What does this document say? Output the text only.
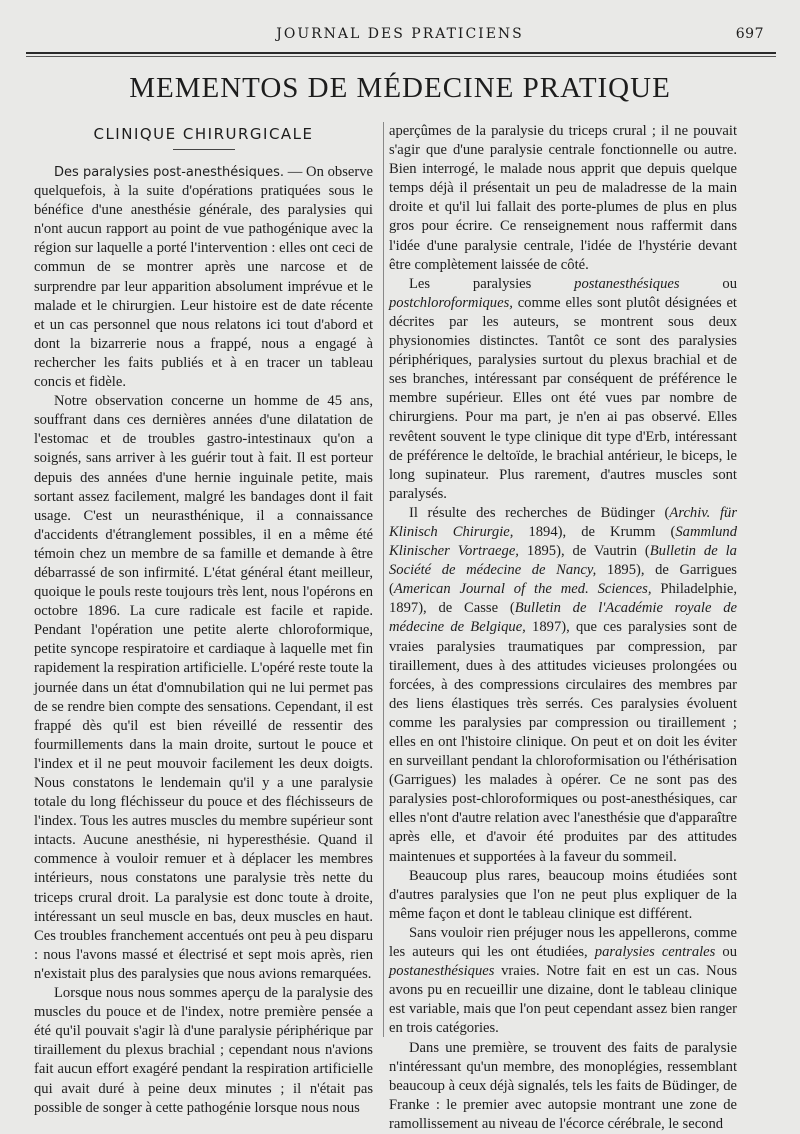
JOURNAL DES PRATICIENS	697
MEMENTOS DE MÉDECINE PRATIQUE
CLINIQUE CHIRURGICALE

Des paralysies post-anesthésiques. — On observe quelquefois, à la suite d'opérations pratiquées sous le bénéfice d'une anesthésie générale, des paralysies qui n'ont aucun rapport au point de vue pathogénique avec la région sur laquelle a porté l'intervention : elles ont ceci de commun de se montrer après une narcose et de surprendre par leur apparition absolument imprévue et le malade et le chirurgien. Leur histoire est de date récente et un cas personnel que nous relatons ici tout d'abord et dont la bizarrerie nous a frappé, nous a engagé à rechercher les faits publiés et à en tracer un tableau concis et fidèle.

Notre observation concerne un homme de 45 ans, souffrant dans ces dernières années d'une dilatation de l'estomac et de troubles gastro-intestinaux qu'on a soignés, sans arriver à les guérir tout à fait. Il est porteur depuis des années d'une hernie inguinale petite, mais sortant assez facilement, malgré les bandages dont il fait usage. C'est un neurasthénique, il a connaissance d'accidents d'étranglement possibles, il en a même été témoin chez un membre de sa famille et demande à être débarrassé de son infirmité. L'état général étant meilleur, quoique le pouls reste toujours très lent, nous l'opérons en octobre 1896. La cure radicale est facile et rapide. Pendant l'opération une petite alerte chloroformique, petite syncope respiratoire et cardiaque à laquelle met fin rapidement la respiration artificielle. L'opéré reste toute la journée dans un état d'omnubilation qui ne lui permet pas de se rendre bien compte des sensations. Cependant, il est frappé dès qu'il est bien réveillé de ressentir des fourmillements dans la main droite, surtout le pouce et l'index et il ne peut mouvoir facilement les deux doigts. Nous constatons le lendemain qu'il y a une paralysie totale du long fléchisseur du pouce et des fléchisseurs de l'index. Tous les autres muscles du membre supérieur sont intacts. Aucune anesthésie, ni hyperesthésie. Quand il commence à vouloir remuer et à déplacer les membres intérieurs, nous constatons une paralysie très nette du triceps crural droit. La paralysie est donc toute à droite, intéressant un seul muscle en bas, deux muscles en haut. Ces troubles franchement accentués ont peu à peu disparu : nous l'avons massé et électrisé et sept mois après, rien n'existait plus des paralysies que nous avions remarquées.

Lorsque nous nous sommes aperçu de la paralysie des muscles du pouce et de l'index, notre première pensée a été qu'il pouvait s'agir là d'une paralysie périphérique par tiraillement du plexus brachial ; cependant nous n'avions fait aucun effort exagéré pendant la respiration artificielle qui avait duré à peine deux minutes ; il n'était pas possible de songer à cette pathogénie lorsque nous nous

aperçûmes de la paralysie du triceps crural ; il ne pouvait s'agir que d'une paralysie centrale fonctionnelle ou autre. Bien interrogé, le malade nous apprit que depuis quelque temps déjà il présentait un peu de maladresse de la main droite et qu'il lui fallait des porte-plumes de plus en plus gros pour écrire. Ce renseignement nous raffermit dans l'idée d'une paralysie centrale, l'idée de l'hystérie devant être complètement laissée de côté.

Les paralysies postanesthésiques ou postchloroformiques, comme elles sont plutôt désignées et décrites par les auteurs, se montrent sous deux physionomies distinctes. Tantôt ce sont des paralysies périphériques, paralysies surtout du plexus brachial et de ses branches, intéressant par conséquent de préférence le membre supérieur. Elles ont été vues par nombre de chirurgiens. Pour ma part, je n'en ai pas observé. Elles revêtent souvent le type clinique dit type d'Erb, intéressant de préférence le deltoïde, le brachial antérieur, le biceps, le long supinateur. Plus rarement, d'autres muscles sont paralysés.

Il résulte des recherches de Büdinger (Archiv. für Klinisch Chirurgie, 1894), de Krumm (Sammlund Klinischer Vortraege, 1895), de Vautrin (Bulletin de la Société de médecine de Nancy, 1895), de Garrigues (American Journal of the med. Sciences, Philadelphie, 1897), de Casse (Bulletin de l'Académie royale de médecine de Belgique, 1897), que ces paralysies sont de vraies paralysies traumatiques par compression, par tiraillement, dues à des attitudes vicieuses prolongées ou forcées, à des compressions circulaires des membres par des liens élastiques très serrés. Ces paralysies évoluent comme les paralysies par compression ou tiraillement ; elles en ont l'histoire clinique. On peut et on doit les éviter en surveillant pendant la chloroformisation ou l'éthérisation (Garrigues) les malades à opérer. Ce ne sont pas des paralysies post-chloroformiques ou post-anesthésiques, car elles n'ont d'autre relation avec l'anesthésie que d'apparaître après elle, et d'avoir été produites par des attitudes maintenues et supportées à la faveur du sommeil.

Beaucoup plus rares, beaucoup moins étudiées sont d'autres paralysies que l'on ne peut plus expliquer de la même façon et dont le tableau clinique est différent.

Sans vouloir rien préjuger nous les appellerons, comme les auteurs qui les ont étudiées, paralysies centrales ou postanesthésiques vraies. Notre fait en est un cas. Nous avons pu en recueillir une dizaine, dont le tableau clinique est variable, mais que l'on peut cependant assez bien ranger en trois catégories.

Dans une première, se trouvent des faits de paralysie n'intéressant qu'un membre, des monoplégies, ressemblant beaucoup à ceux déjà signalés, tels les faits de Büdinger, de Franke : le premier avec autopsie montrant une zone de ramollissement au niveau de l'écorce cérébrale, le second
